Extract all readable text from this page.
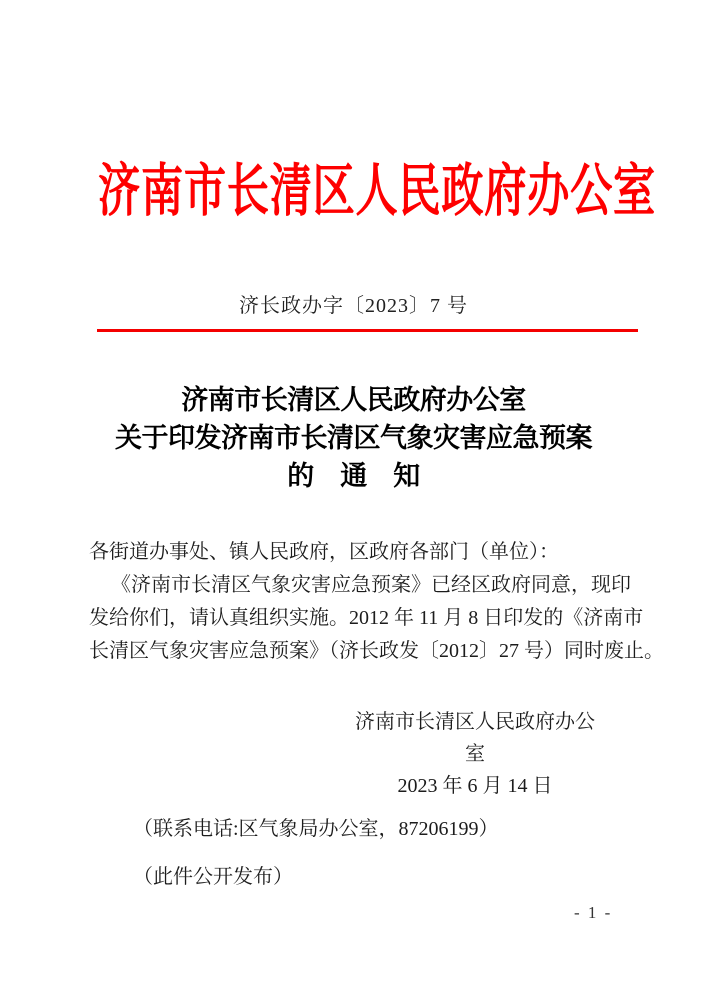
济南市长清区人民政府办公室
济长政办字〔2023〕7 号
济南市长清区人民政府办公室
关于印发济南市长清区气象灾害应急预案
的　通　知
各街道办事处、镇人民政府，区政府各部门（单位）：
《济南市长清区气象灾害应急预案》已经区政府同意，现印
发给你们，请认真组织实施。2012 年 11 月 8 日印发的《济南市
长清区气象灾害应急预案》（济长政发〔2012〕27 号）同时废止。
济南市长清区人民政府办公室
2023 年 6 月 14 日
（联系电话:区气象局办公室，87206199）
（此件公开发布）
- 1 -
